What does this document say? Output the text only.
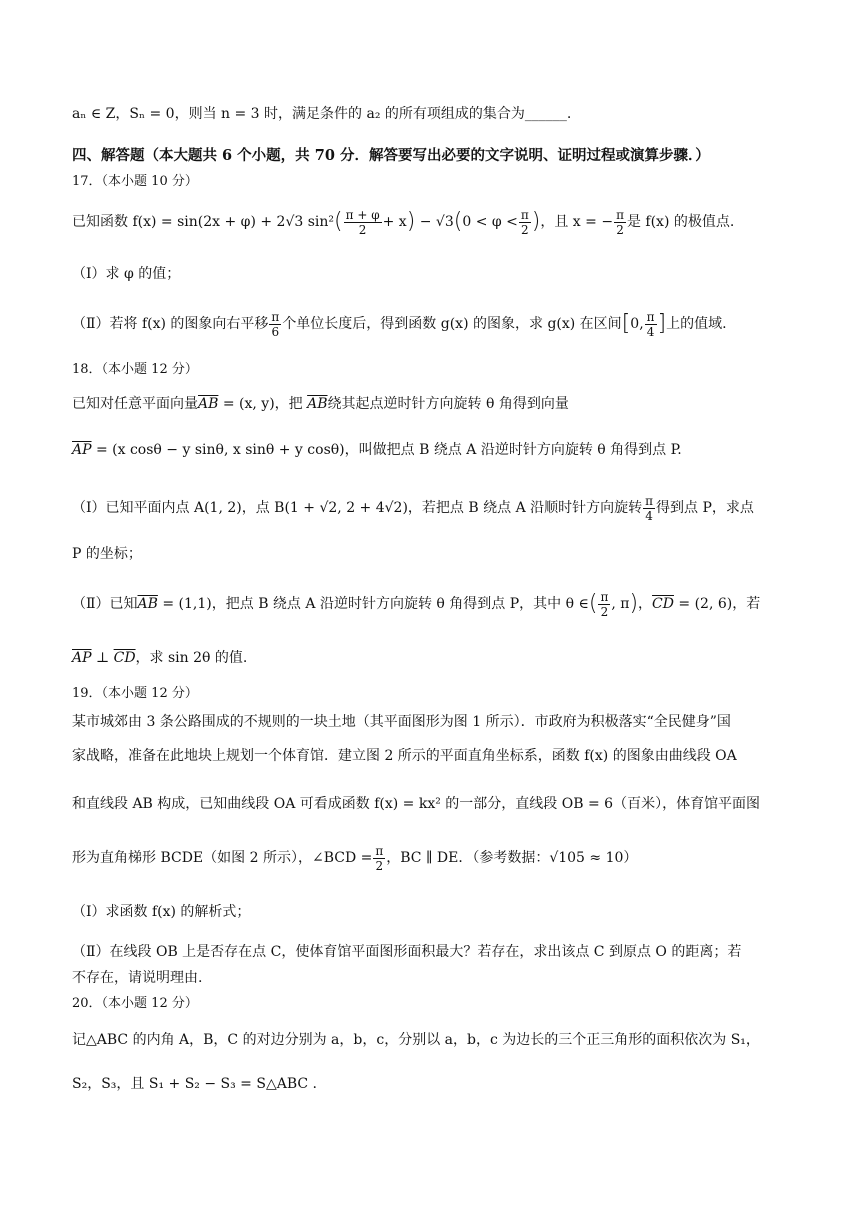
aₙ ∈ Z，Sₙ = 0，则当 n = 3 时，满足条件的 a₂ 的所有项组成的集合为______.
四、解答题（本大题共 6 个小题，共 70 分．解答要写出必要的文字说明、证明过程或演算步骤．）
17．（本小题 10 分）
已知函数 f(x) = sin(2x + φ) + 2√3 $\sin^2( \frac{\pi + \varphi}{2} + x) - √3(0 < \varphi < \frac{\pi}{2}$ )，且 x = − $\frac{\pi}{2}$ 是 f(x) 的极值点.
（Ⅰ）求 φ 的值；
（Ⅱ）若将 f(x) 的图象向右平移 $\frac{\pi}{6}$ 个单位长度后，得到函数 g(x) 的图象，求 g(x) 在区间[0, $\frac{\pi}{4}$ ]上的值域.
18．（本小题 12 分）
已知对任意平面向量$\overline{AB} = (x$, y)，把 $\overline{AB}$绕其起点逆时针方向旋转 θ 角得到向量
$\overline{AP} = (x$ cosθ − y sinθ, x sinθ + y cosθ)，叫做把点 B 绕点 A 沿逆时针方向旋转 θ 角得到点 P.
（Ⅰ）已知平面内点 A(1, 2)，点 B(1 + √2, 2 + 4√2)，若把点 B 绕点 A 沿顺时针方向旋转 $\frac{\pi}{4}$ 得到点 P，求点
P 的坐标；
（Ⅱ）已知$\overline{AB} = (1,1)$，把点 B 绕点 A 沿逆时针方向旋转 θ 角得到点 P，其中 θ ∈( $\frac{\pi}{2}$ , π)，$\overline{CD} = (2$, 6)，若
$\overline{AP}$ ⊥ $\overline{CD}$，求 sin 2θ 的值.
19．（本小题 12 分）
某市城郊由 3 条公路围成的不规则的一块土地（其平面图形为图 1 所示）．市政府为积极落实“全民健身”国
家战略，准备在此地块上规划一个体育馆．建立图 2 所示的平面直角坐标系，函数 f(x) 的图象由曲线段 OA
和直线段 AB 构成，已知曲线段 OA 可看成函数 f(x) = kx² 的一部分，直线段 OB = 6（百米），体育馆平面图
形为直角梯形 BCDE（如图 2 所示），∠BCD = $\frac{\pi}{2}$ ，BC ∥ DE．（参考数据：√105 ≈ 10）
（Ⅰ）求函数 f(x) 的解析式；
（Ⅱ）在线段 OB 上是否存在点 C，使体育馆平面图形面积最大？若存在，求出该点 C 到原点 O 的距离；若
不存在，请说明理由.
20．（本小题 12 分）
记△ABC 的内角 A，B，C 的对边分别为 a，b，c，分别以 a，b，c 为边长的三个正三角形的面积依次为 S₁，
S₂，S₃，且 S₁ + S₂ − S₃ = S△ABC .
